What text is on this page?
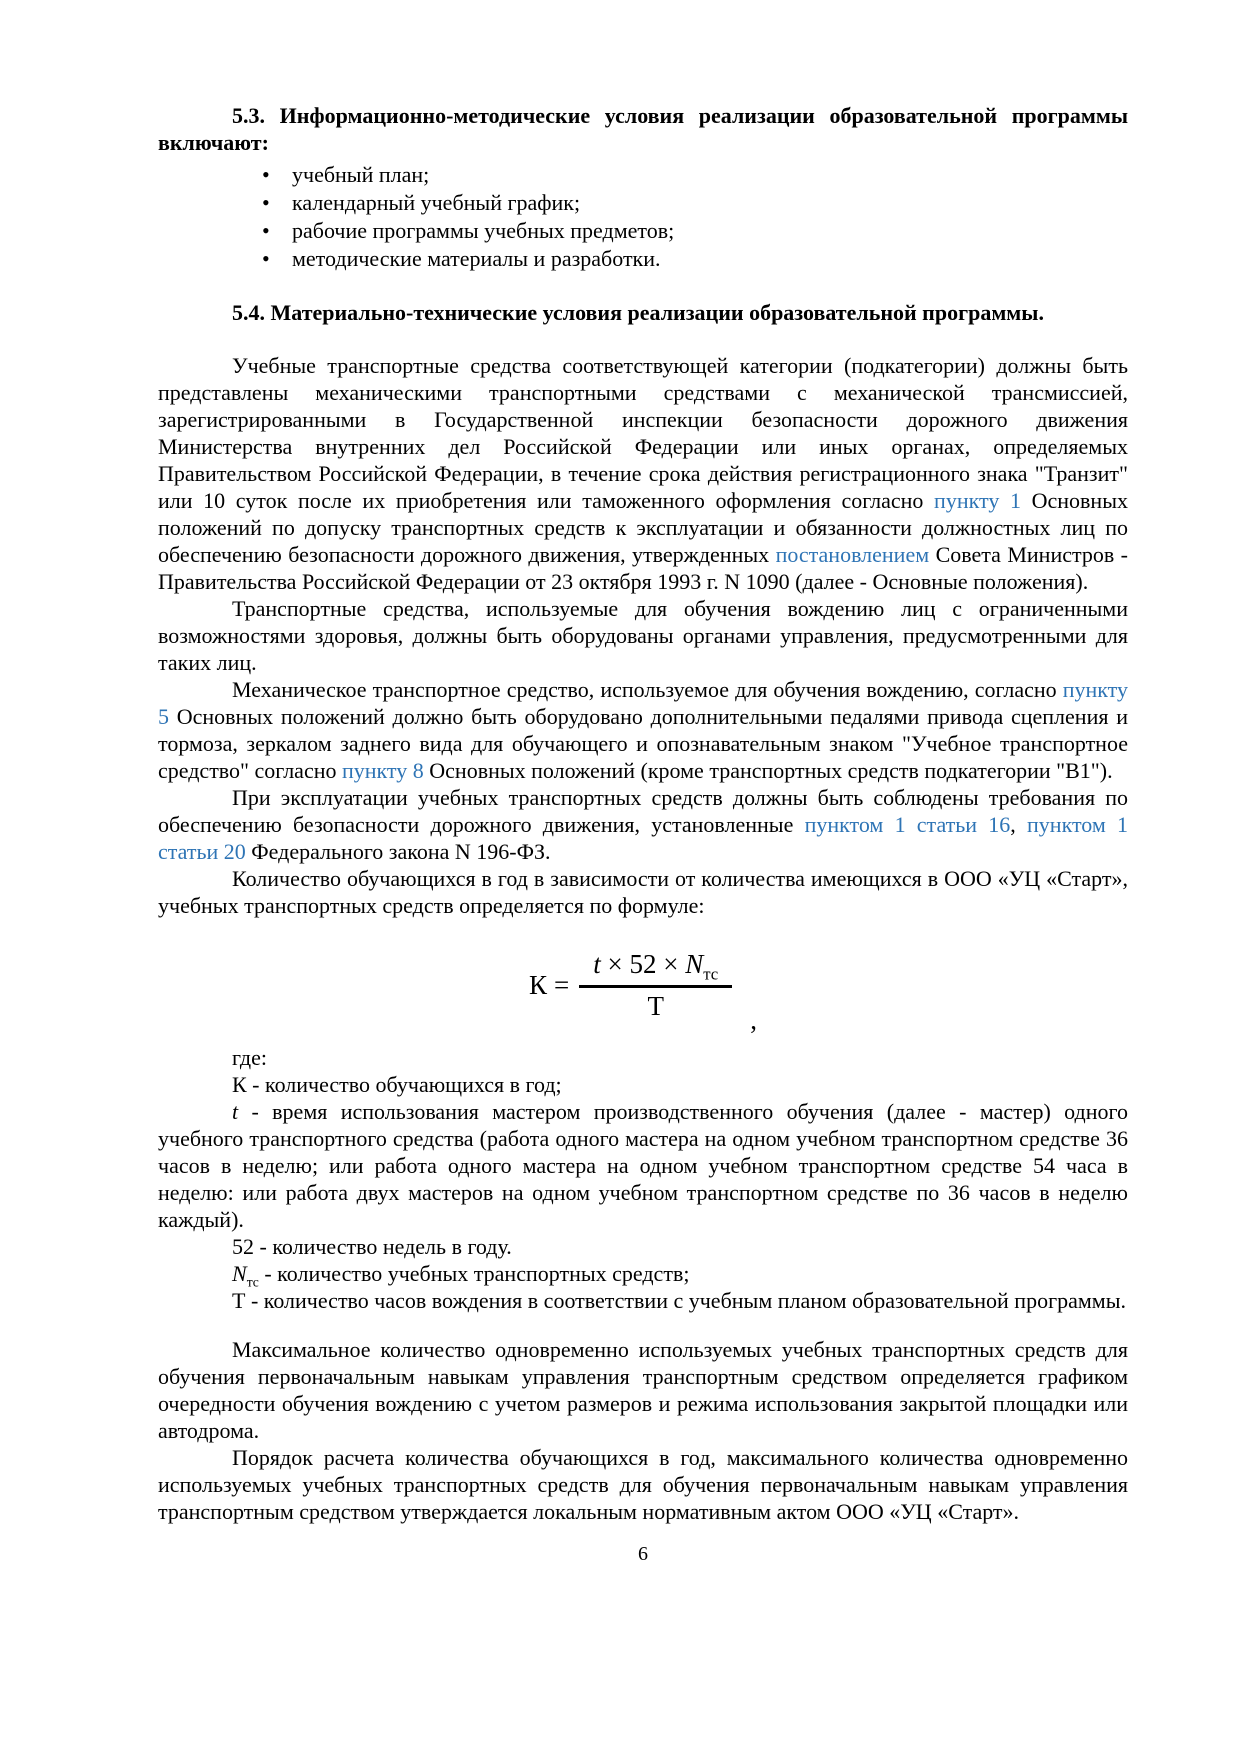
5.3. Информационно-методические условия реализации образовательной программы включают:

учебный план;
календарный учебный график;
рабочие программы учебных предметов;
методические материалы и разработки.

5.4. Материально-технические условия реализации образовательной программы.

Учебные транспортные средства соответствующей категории (подкатегории) должны быть представлены механическими транспортными средствами с механической трансмиссией, зарегистрированными в Государственной инспекции безопасности дорожного движения Министерства внутренних дел Российской Федерации или иных органах, определяемых Правительством Российской Федерации, в течение срока действия регистрационного знака "Транзит" или 10 суток после их приобретения или таможенного оформления согласно пункту 1 Основных положений по допуску транспортных средств к эксплуатации и обязанности должностных лиц по обеспечению безопасности дорожного движения, утвержденных постановлением Совета Министров - Правительства Российской Федерации от 23 октября 1993 г. N 1090 (далее - Основные положения).

Транспортные средства, используемые для обучения вождению лиц с ограниченными возможностями здоровья, должны быть оборудованы органами управления, предусмотренными для таких лиц.

Механическое транспортное средство, используемое для обучения вождению, согласно пункту 5 Основных положений должно быть оборудовано дополнительными педалями привода сцепления и тормоза, зеркалом заднего вида для обучающего и опознавательным знаком "Учебное транспортное средство" согласно пункту 8 Основных положений (кроме транспортных средств подкатегории "В1").

При эксплуатации учебных транспортных средств должны быть соблюдены требования по обеспечению безопасности дорожного движения, установленные пунктом 1 статьи 16, пунктом 1 статьи 20 Федерального закона N 196-ФЗ.

Количество обучающихся в год в зависимости от количества имеющихся в ООО «УЦ «Старт», учебных транспортных средств определяется по формуле:

$К = \frac{t \times 52 \times N_{тс}}{Т}$ ,

где:

К - количество обучающихся в год;

t - время использования мастером производственного обучения (далее - мастер) одного учебного транспортного средства (работа одного мастера на одном учебном транспортном средстве 36 часов в неделю; или работа одного мастера на одном учебном транспортном средстве 54 часа в неделю: или работа двух мастеров на одном учебном транспортном средстве по 36 часов в неделю каждый).

52 - количество недель в году.

$N_{тс}$ - количество учебных транспортных средств;

Т - количество часов вождения в соответствии с учебным планом образовательной программы.

Максимальное количество одновременно используемых учебных транспортных средств для обучения первоначальным навыкам управления транспортным средством определяется графиком очередности обучения вождению с учетом размеров и режима использования закрытой площадки или автодрома.

Порядок расчета количества обучающихся в год, максимального количества одновременно используемых учебных транспортных средств для обучения первоначальным навыкам управления транспортным средством утверждается локальным нормативным актом ООО «УЦ «Старт».

6
